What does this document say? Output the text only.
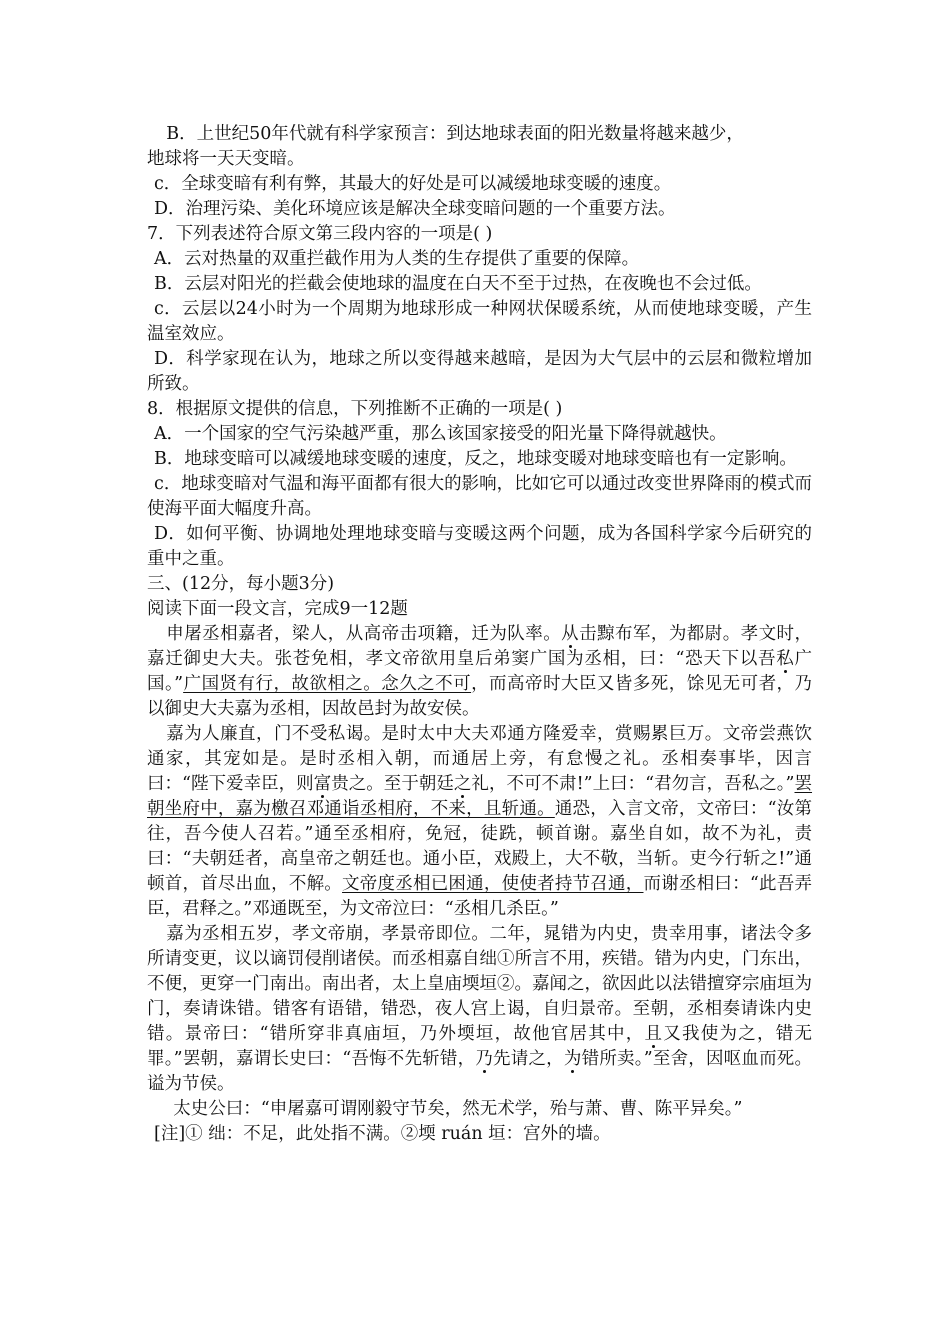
B．上世纪50年代就有科学家预言：到达地球表面的阳光数量将越来越少，
地球将一天天变暗。

c．全球变暗有利有弊，其最大的好处是可以减缓地球变暖的速度。

D．治理污染、美化环境应该是解决全球变暗问题的一个重要方法。

7．下列表述符合原文第三段内容的一项是( )

A．云对热量的双重拦截作用为人类的生存提供了重要的保障。

B．云层对阳光的拦截会使地球的温度在白天不至于过热，在夜晚也不会过低。

c．云层以24小时为一个周期为地球形成一种网状保暖系统，从而使地球变暖，产生温室效应。

D．科学家现在认为，地球之所以变得越来越暗，是因为大气层中的云层和微粒增加所致。

8．根据原文提供的信息，下列推断不正确的一项是( )

A．一个国家的空气污染越严重，那么该国家接受的阳光量下降得就越快。

B．地球变暗可以减缓地球变暖的速度，反之，地球变暖对地球变暗也有一定影响。

c．地球变暗对气温和海平面都有很大的影响，比如它可以通过改变世界降雨的模式而使海平面大幅度升高。

D．如何平衡、协调地处理地球变暗与变暖这两个问题，成为各国科学家今后研究的重中之重。

三、(12分，每小题3分)

阅读下面一段文言，完成9一12题

申屠丞相嘉者，梁人，从高帝击项籍，迁为队率。从击黥布军，为都尉。孝文时，嘉迁御史大夫。张苍免相，孝文帝欲用皇后弟窦广国为丞相，曰：“恐天下以吾私广国。”广国贤有行，故欲相之。念久之不可，而高帝时大臣又皆多死，馀见无可者，乃以御史大夫嘉为丞相，因故邑封为故安侯。

嘉为人廉直，门不受私谒。是时太中大夫邓通方隆爱幸，赏赐累巨万。文帝尝燕饮通家，其宠如是。是时丞相入朝，而通居上旁，有怠慢之礼。丞相奏事毕，因言曰：“陛下爱幸臣，则富贵之。至于朝廷之礼，不可不肃!”上曰：“君勿言，吾私之。”罢朝坐府中，嘉为檄召邓通诣丞相府，不来，且斩通。通恐，入言文帝，文帝曰：“汝第往，吾今使人召若。”通至丞相府，免冠，徒跣，顿首谢。嘉坐自如，故不为礼，责曰：“夫朝廷者，高皇帝之朝廷也。通小臣，戏殿上，大不敬，当斩。吏今行斩之!”通顿首，首尽出血，不解。文帝度丞相已困通，使使者持节召通，而谢丞相曰：“此吾弄臣，君释之。”邓通既至，为文帝泣曰：“丞相几杀臣。”

嘉为丞相五岁，孝文帝崩，孝景帝即位。二年，晁错为内史，贵幸用事，诸法令多所请变更，议以谪罚侵削诸侯。而丞相嘉自绌①所言不用，疾错。错为内史，门东出，不便，更穿一门南出。南出者，太上皇庙堧垣②。嘉闻之，欲因此以法错擅穿宗庙垣为门，奏请诛错。错客有语错，错恐，夜人宫上谒，自归景帝。至朝，丞相奏请诛内史错。景帝曰：“错所穿非真庙垣，乃外堧垣，故他官居其中，且又我使为之，错无罪。”罢朝，嘉谓长史曰：“吾悔不先斩错，乃先请之，为错所卖。”至舍，因呕血而死。谥为节侯。

太史公曰：“申屠嘉可谓刚毅守节矣，然无术学，殆与萧、曹、陈平异矣。”

[注]① 绌：不足，此处指不满。②堧 ruán 垣：宫外的墙。
